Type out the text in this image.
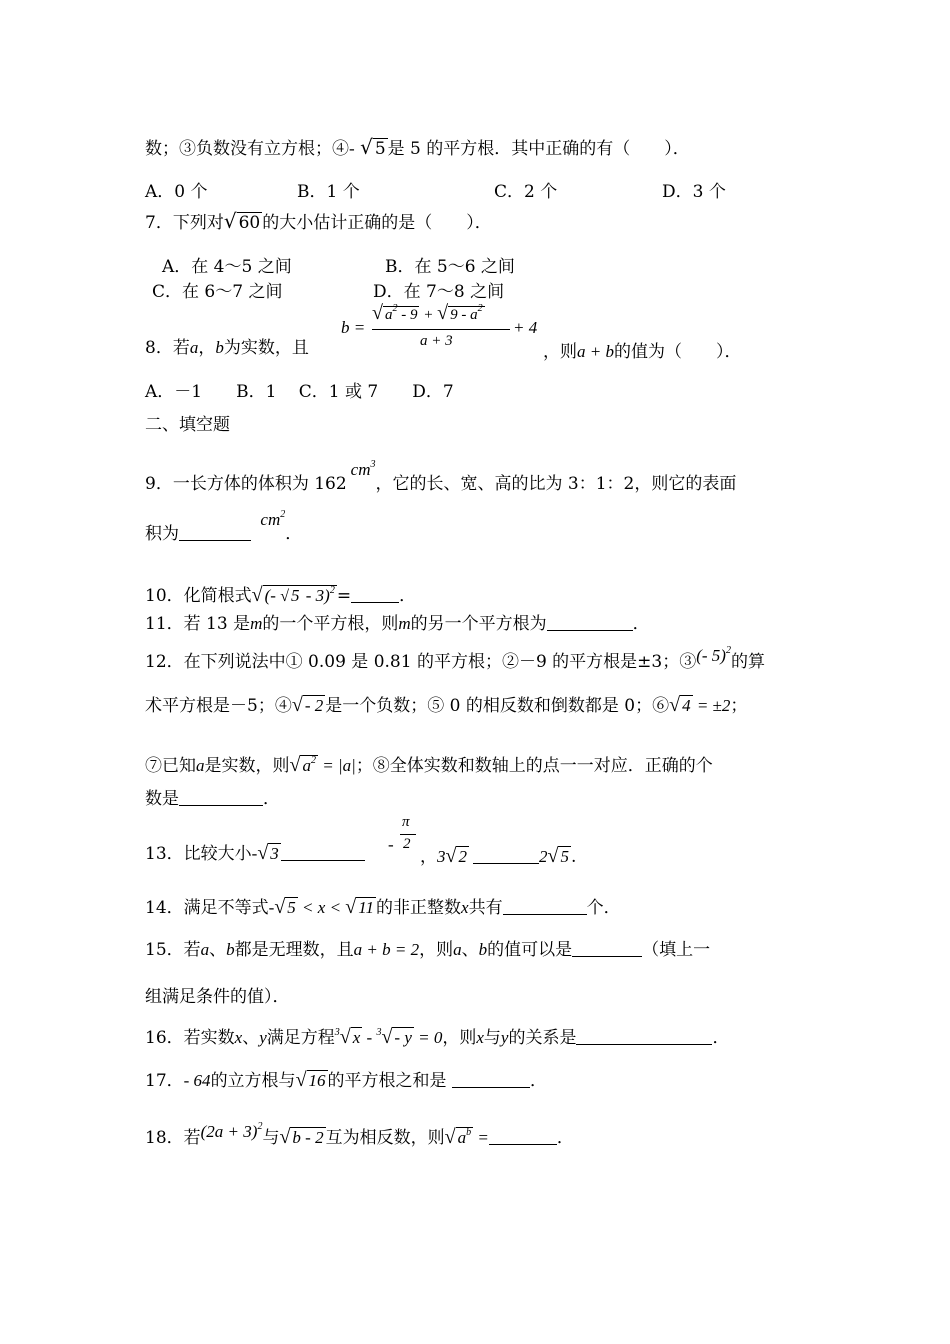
数；③负数没有立方根；④- √ 5 是 5 的平方根．其中正确的有（　　）．
A．0 个	B．1 个	C．2 个	D．3 个
7．下列对√ 60 的大小估计正确的是（　　）．
A．在 4～5 之间	B．在 5～6 之间
C．在 6～7 之间	D．在 7～8 之间
8．若a，b为实数，且
b =
√ $a^2 - 9$ + √ $9 - a^2$
a + 3
+ 4
，则a + b的值为（　　）．
A．－1　　B．1　 C．1 或 7　　D．7
二、填空题
9．一长方体的体积为 $162cm^3$，它的长、宽、高的比为 3：1：2，则它的表面
积为 $cm^2$．
10．化简根式√ (- √ 5 - 3)$^2$ =	．
11．若 13 是m的一个平方根，则m的另一个平方根为	．
12．在下列说法中① 0.09 是 0.81 的平方根；②－9 的平方根是±3；③(- 5)$^2$的算
术平方根是－5；④√ - 2 是一个负数；⑤ 0 的相反数和倒数都是 0；⑥√ 4 = ±2；
⑦已知a是实数，则√ $a^2 = |a|$；⑧全体实数和数轴上的点一一对应．正确的个
数是	．
13．比较大小-√ 3	-
π
2
，3√ 2	2√ 5 .
14．满足不等式-√ 5 < x < √ 11 的非正整数x共有	个．
15．若a、b都是无理数，且a + b = 2，则a、b的值可以是	（填上一
组满足条件的值）．
16．若实数x、y满足方程$^3$√ x - $^3$√ - y = 0，则x与y的关系是	．
17．- 64的立方根与√ 16 的平方根之和是	．
18．若$(2a + 3)^2$与√ b - 2 互为相反数，则√ $a^b$ =	．
